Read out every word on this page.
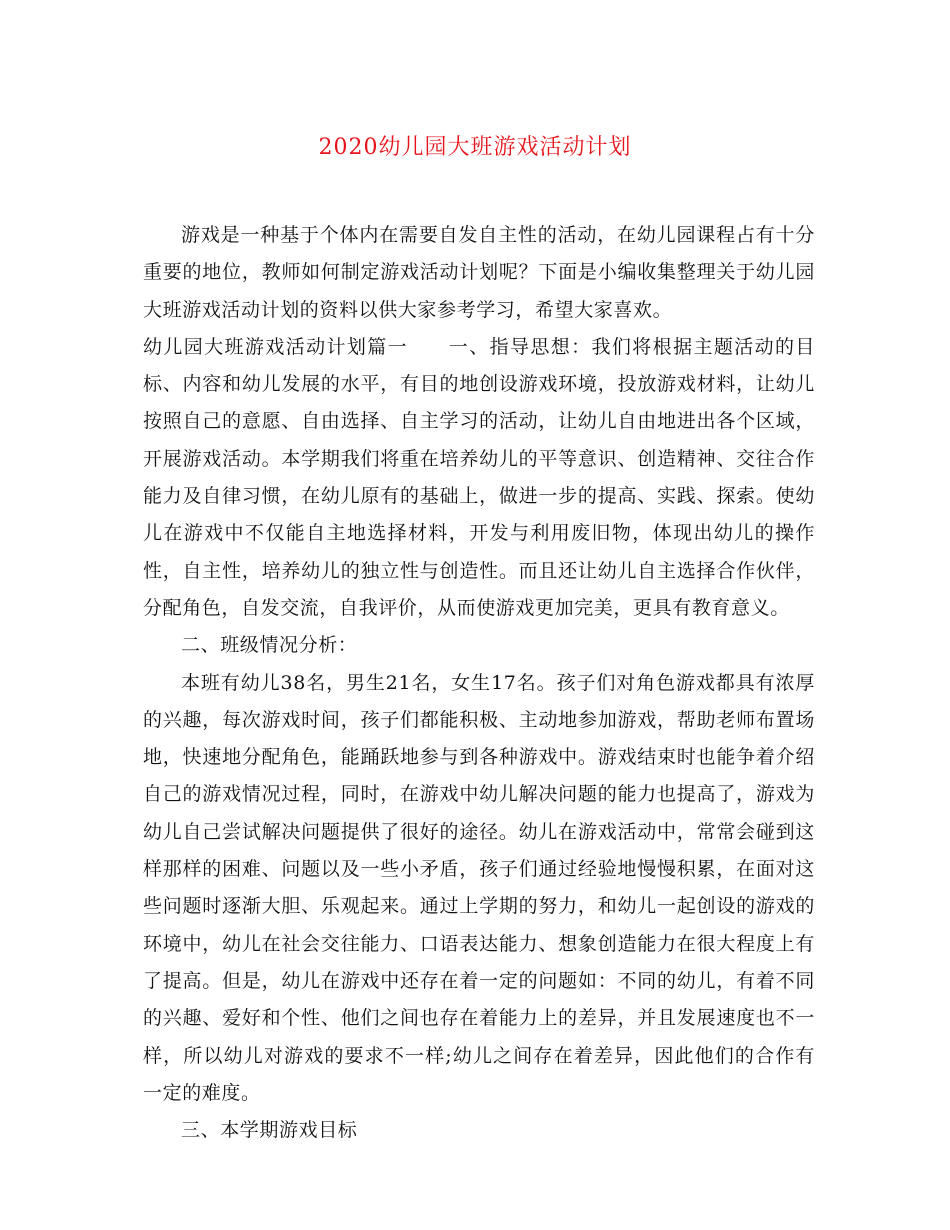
2020幼儿园大班游戏活动计划

游戏是一种基于个体内在需要自发自主性的活动，在幼儿园课程占有十分重要的地位，教师如何制定游戏活动计划呢？下面是小编收集整理关于幼儿园大班游戏活动计划的资料以供大家参考学习，希望大家喜欢。

幼儿园大班游戏活动计划篇一　　一、指导思想：我们将根据主题活动的目标、内容和幼儿发展的水平，有目的地创设游戏环境，投放游戏材料，让幼儿按照自己的意愿、自由选择、自主学习的活动，让幼儿自由地进出各个区域，开展游戏活动。本学期我们将重在培养幼儿的平等意识、创造精神、交往合作能力及自律习惯，在幼儿原有的基础上，做进一步的提高、实践、探索。使幼儿在游戏中不仅能自主地选择材料，开发与利用废旧物，体现出幼儿的操作性，自主性，培养幼儿的独立性与创造性。而且还让幼儿自主选择合作伙伴，分配角色，自发交流，自我评价，从而使游戏更加完美，更具有教育意义。

二、班级情况分析：

本班有幼儿38名，男生21名，女生17名。孩子们对角色游戏都具有浓厚的兴趣，每次游戏时间，孩子们都能积极、主动地参加游戏，帮助老师布置场地，快速地分配角色，能踊跃地参与到各种游戏中。游戏结束时也能争着介绍自己的游戏情况过程，同时，在游戏中幼儿解决问题的能力也提高了，游戏为幼儿自己尝试解决问题提供了很好的途径。幼儿在游戏活动中，常常会碰到这样那样的困难、问题以及一些小矛盾，孩子们通过经验地慢慢积累，在面对这些问题时逐渐大胆、乐观起来。通过上学期的努力，和幼儿一起创设的游戏的环境中，幼儿在社会交往能力、口语表达能力、想象创造能力在很大程度上有了提高。但是，幼儿在游戏中还存在着一定的问题如：不同的幼儿，有着不同的兴趣、爱好和个性、他们之间也存在着能力上的差异，并且发展速度也不一样，所以幼儿对游戏的要求不一样;幼儿之间存在着差异，因此他们的合作有一定的难度。

三、本学期游戏目标
